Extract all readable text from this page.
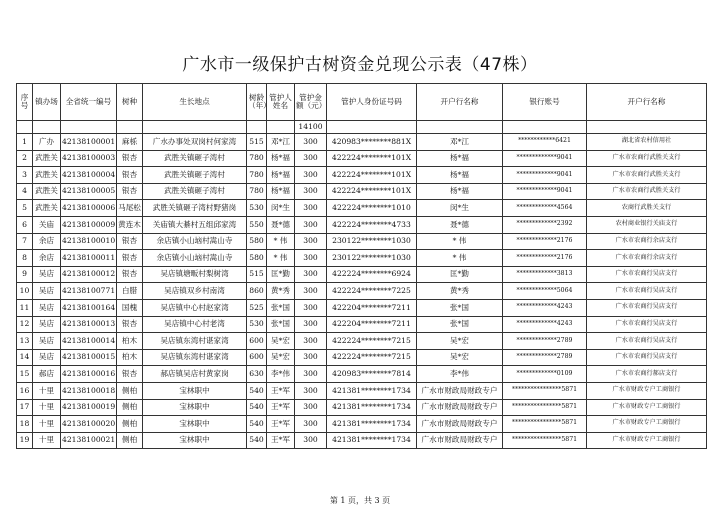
广水市一级保护古树资金兑现公示表（47株）
序号	镇办场	全省统一编号	树种	生长地点	树龄（年）	管护人姓名	管护金额（元）	管护人身份证号码	开户行名称	银行账号	开户行名称
							14100				
1	广办	42138100001	麻栎	广水办事处双岗村何家湾	515	邓*江	300	420983********881X	邓*江	************6421	湖北省农村信用社
2	武胜关	42138100003	银杏	武胜关镇砸子湾村	780	杨*福	300	422224********101X	杨*福	*************9041	广水市农商行武胜关支行
3	武胜关	42138100004	银杏	武胜关镇砸子湾村	780	杨*福	300	422224********101X	杨*福	*************9041	广水市农商行武胜关支行
4	武胜关	42138100005	银杏	武胜关镇砸子湾村	780	杨*福	300	422224********101X	杨*福	*************9041	广水市农商行武胜关支行
5	武胜关	42138100006	马尾松	武胜关镇砸子湾村野猪岗	530	闵*生	300	422224********1010	闵*生	*************4564	农商行武胜关支行
6	关庙	42138100009	黄连木	关庙镇大綦村五组邱家湾	550	聂*德	300	422224********4733	聂*德	*************2392	农村商业银行关庙支行
7	余店	42138100010	银杏	余店镇小山垴村嵩山寺	580	* 伟	300	230122********1030	* 伟	*************2176	广水市农商行余店支行
8	余店	42138100011	银杏	余店镇小山垴村嵩山寺	580	* 伟	300	230122********1030	* 伟	*************2176	广水市农商行余店支行
9	吴店	42138100012	银杏	吴店镇塘畈村梨树湾	515	匡*勤	300	422224********6924	匡*勤	*************3813	广水市农商行吴店支行
10	吴店	42138100771	白腊	吴店镇双乡村南湾	860	黄*秀	300	422224********7225	黄*秀	*************5064	广水市农商行吴店支行
11	吴店	42138100164	国槐	吴店镇中心村赵家湾	525	张*国	300	422204********7211	张*国	*************4243	广水市农商行吴店支行
12	吴店	42138100013	银杏	吴店镇中心村老湾	530	张*国	300	422204********7211	张*国	*************4243	广水市农商行吴店支行
13	吴店	42138100014	柏木	吴店镇东湾村谌家湾	600	吴*宏	300	422224********7215	吴*宏	*************2789	广水市农商行吴店支行
14	吴店	42138100015	柏木	吴店镇东湾村谌家湾	600	吴*宏	300	422224********7215	吴*宏	*************2789	广水市农商行吴店支行
15	郝店	42138100016	银杏	郝店镇吴店村黄家岗	630	李*伟	300	420983********7814	李*伟	*************0109	广水市农商行郝店支行
16	十里	42138100018	侧柏	宝林职中	540	王*军	300	421381********1734	广水市财政局财政专户	****************5871	广水市财政专户工商银行
17	十里	42138100019	侧柏	宝林职中	540	王*军	300	421381********1734	广水市财政局财政专户	****************5871	广水市财政专户工商银行
18	十里	42138100020	侧柏	宝林职中	540	王*军	300	421381********1734	广水市财政局财政专户	****************5871	广水市财政专户工商银行
19	十里	42138100021	侧柏	宝林职中	540	王*军	300	421381********1734	广水市财政局财政专户	****************5871	广水市财政专户工商银行
第 1 页，共 3 页
